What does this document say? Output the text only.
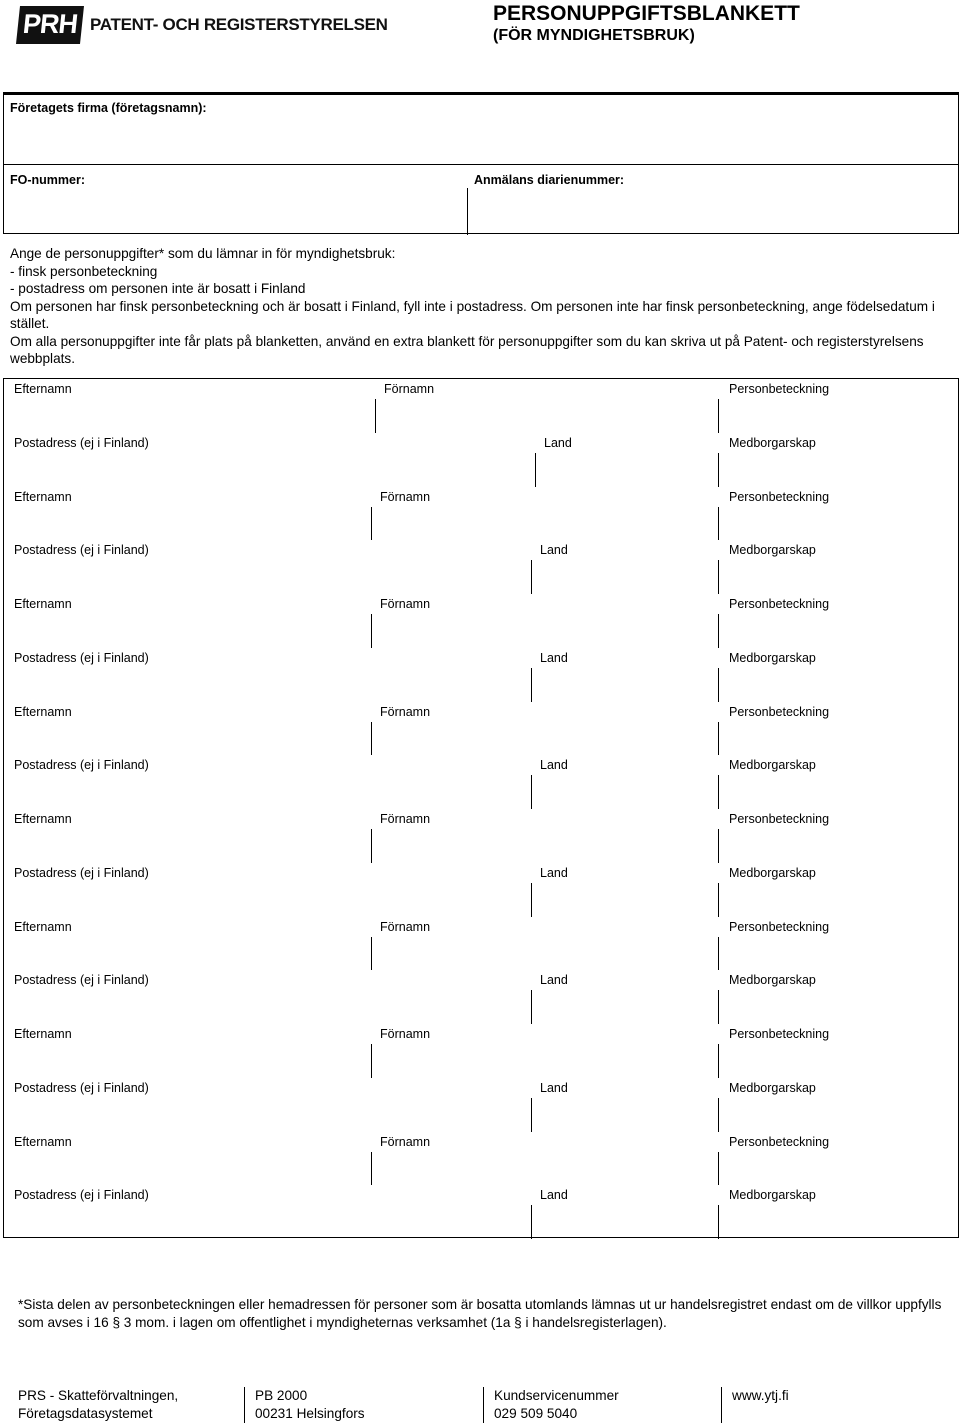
PRH PATENT- OCH REGISTERSTYRELSEN	PERSONUPPGIFTSBLANKETT
(FÖR MYNDIGHETSBRUK)
Företagets firma (företagsnamn):
FO-nummer:	Anmälans diarienummer:
Ange de personuppgifter* som du lämnar in för myndighetsbruk:
- finsk personbeteckning
- postadress om personen inte är bosatt i Finland
Om personen har finsk personbeteckning och är bosatt i Finland, fyll inte i postadress. Om personen inte har finsk personbeteckning, ange födelsedatum i stället.
Om alla personuppgifter inte får plats på blanketten, använd en extra blankett för personuppgifter som du kan skriva ut på Patent- och registerstyrelsens webbplats.
Efternamn	Förnamn	Personbeteckning
Postadress (ej i Finland)	Land	Medborgarskap
Efternamn	Förnamn	Personbeteckning
Postadress (ej i Finland)	Land	Medborgarskap
Efternamn	Förnamn	Personbeteckning
Postadress (ej i Finland)	Land	Medborgarskap
Efternamn	Förnamn	Personbeteckning
Postadress (ej i Finland)	Land	Medborgarskap
Efternamn	Förnamn	Personbeteckning
Postadress (ej i Finland)	Land	Medborgarskap
Efternamn	Förnamn	Personbeteckning
Postadress (ej i Finland)	Land	Medborgarskap
Efternamn	Förnamn	Personbeteckning
Postadress (ej i Finland)	Land	Medborgarskap
Efternamn	Förnamn	Personbeteckning
Postadress (ej i Finland)	Land	Medborgarskap
*Sista delen av personbeteckningen eller hemadressen för personer som är bosatta utomlands lämnas ut ur handelsregistret endast om de villkor uppfylls som avses i 16 § 3 mom. i lagen om offentlighet i myndigheternas verksamhet (1a § i handelsregisterlagen).
PRS - Skatteförvaltningen,
Företagsdatasystemet
PB 2000
00231 Helsingfors
Kundservicenummer
029 509 5040
www.ytj.fi
